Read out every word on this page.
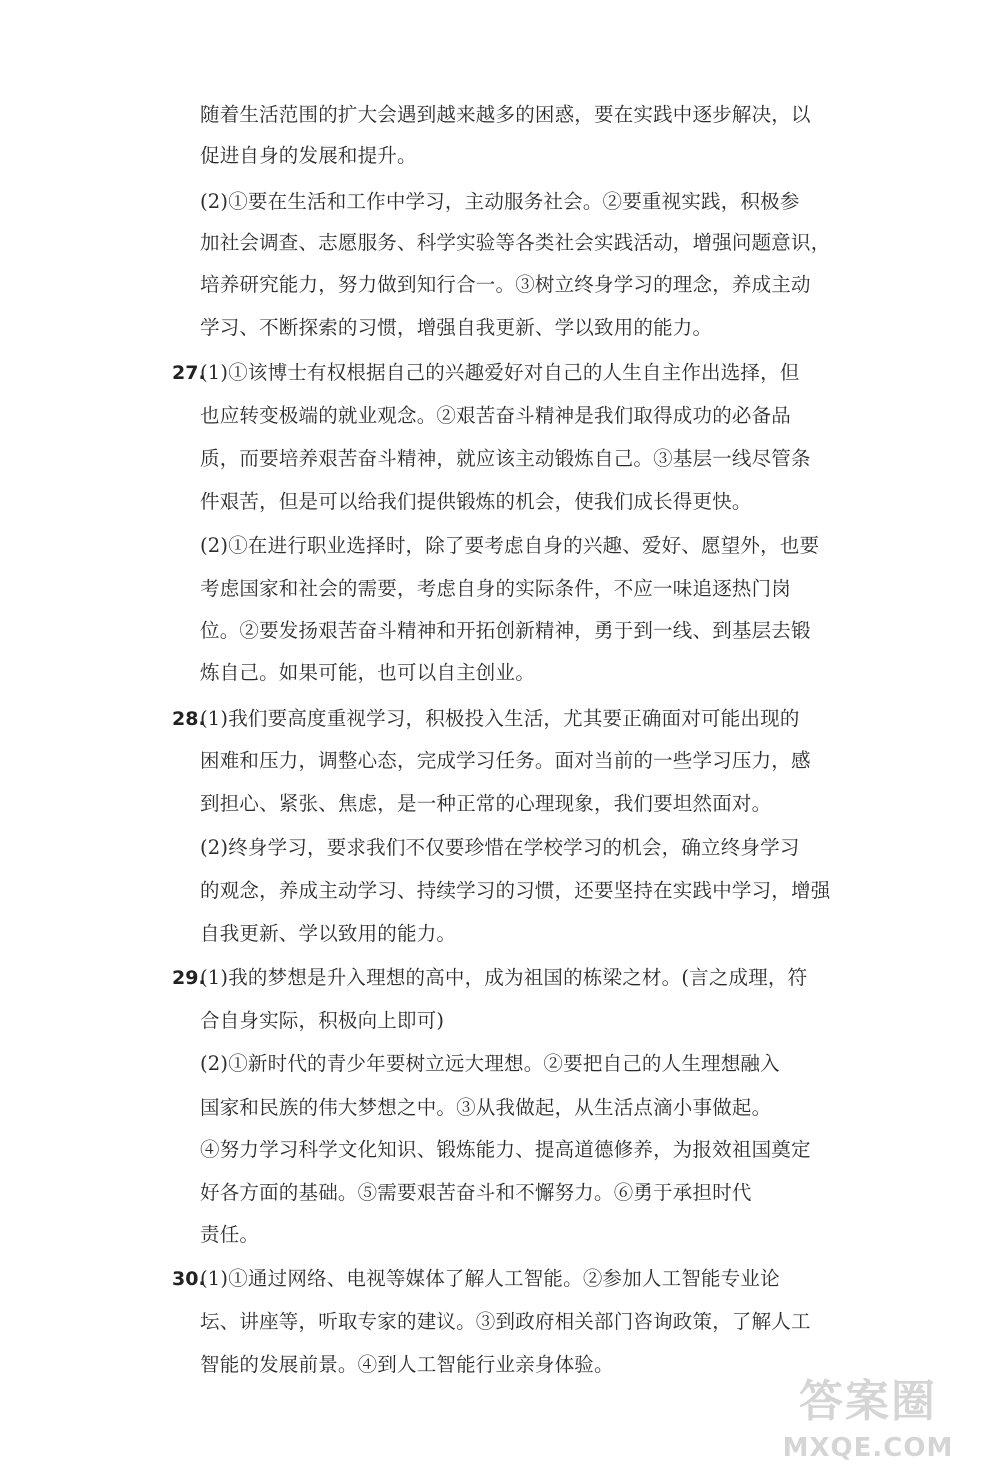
随着生活范围的扩大会遇到越来越多的困惑，要在实践中逐步解决，以
促进自身的发展和提升。
(2)①要在生活和工作中学习，主动服务社会。②要重视实践，积极参
加社会调查、志愿服务、科学实验等各类社会实践活动，增强问题意识，
培养研究能力，努力做到知行合一。③树立终身学习的理念，养成主动
学习、不断探索的习惯，增强自我更新、学以致用的能力。
27.
(1)①该博士有权根据自己的兴趣爱好对自己的人生自主作出选择，但
也应转变极端的就业观念。②艰苦奋斗精神是我们取得成功的必备品
质，而要培养艰苦奋斗精神，就应该主动锻炼自己。③基层一线尽管条
件艰苦，但是可以给我们提供锻炼的机会，使我们成长得更快。
(2)①在进行职业选择时，除了要考虑自身的兴趣、爱好、愿望外，也要
考虑国家和社会的需要，考虑自身的实际条件，不应一味追逐热门岗
位。②要发扬艰苦奋斗精神和开拓创新精神，勇于到一线、到基层去锻
炼自己。如果可能，也可以自主创业。
28.
(1)我们要高度重视学习，积极投入生活，尤其要正确面对可能出现的
困难和压力，调整心态，完成学习任务。面对当前的一些学习压力，感
到担心、紧张、焦虑，是一种正常的心理现象，我们要坦然面对。
(2)终身学习，要求我们不仅要珍惜在学校学习的机会，确立终身学习
的观念，养成主动学习、持续学习的习惯，还要坚持在实践中学习，增强
自我更新、学以致用的能力。
29.
(1)我的梦想是升入理想的高中，成为祖国的栋梁之材。(言之成理，符
合自身实际，积极向上即可)
(2)①新时代的青少年要树立远大理想。②要把自己的人生理想融入
国家和民族的伟大梦想之中。③从我做起，从生活点滴小事做起。
④努力学习科学文化知识、锻炼能力、提高道德修养，为报效祖国奠定
好各方面的基础。⑤需要艰苦奋斗和不懈努力。⑥勇于承担时代
责任。
30.
(1)①通过网络、电视等媒体了解人工智能。②参加人工智能专业论
坛、讲座等，听取专家的建议。③到政府相关部门咨询政策，了解人工
智能的发展前景。④到人工智能行业亲身体验。
答案圈
MXQE.COM
